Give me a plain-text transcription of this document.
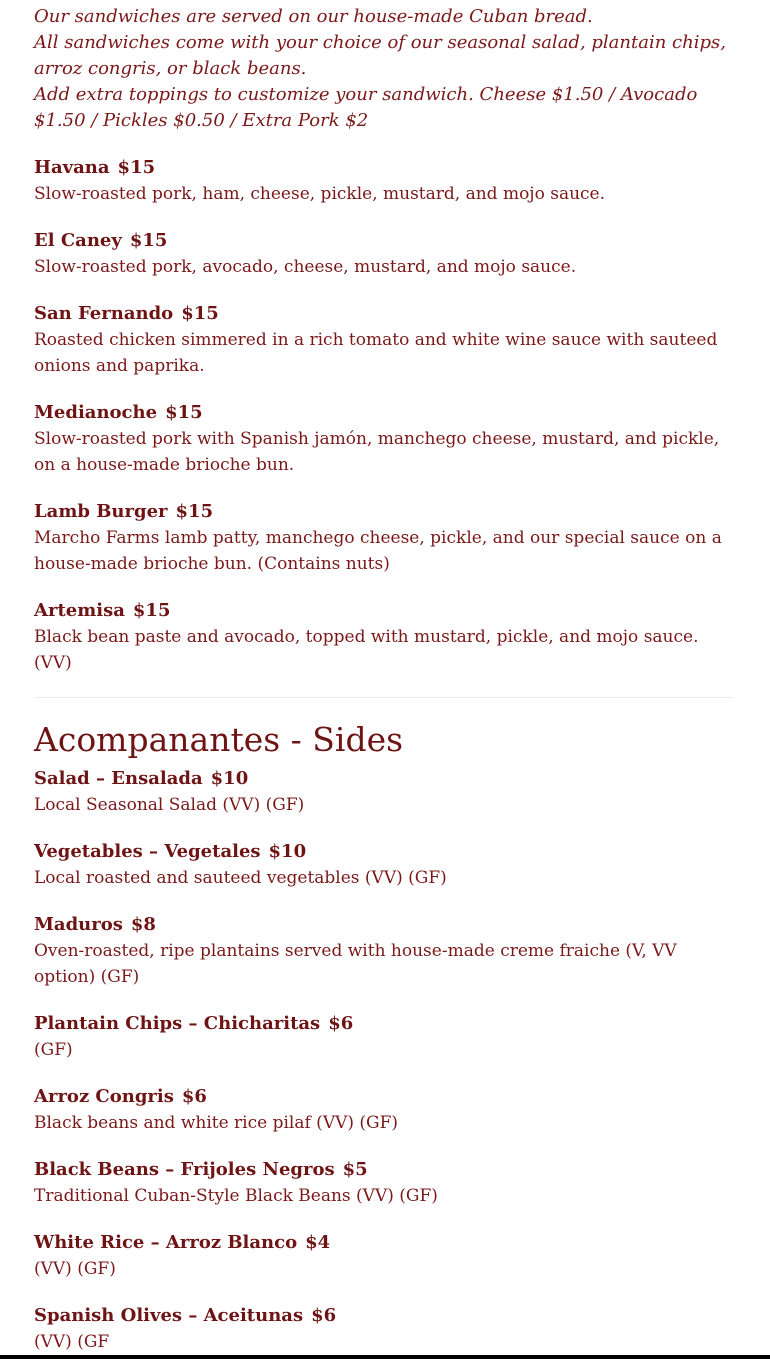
Our sandwiches are served on our house-made Cuban bread.

All sandwiches come with your choice of our seasonal salad, plantain chips, arroz congris, or black beans.

Add extra toppings to customize your sandwich. Cheese $1.50 / Avocado $1.50 / Pickles $0.50 / Extra Pork $2

Havana $15

Slow-roasted pork, ham, cheese, pickle, mustard, and mojo sauce.

El Caney $15

Slow-roasted pork, avocado, cheese, mustard, and mojo sauce.

San Fernando $15

Roasted chicken simmered in a rich tomato and white wine sauce with sauteed onions and paprika.

Medianoche $15

Slow-roasted pork with Spanish jamón, manchego cheese, mustard, and pickle, on a house-made brioche bun.

Lamb Burger $15

Marcho Farms lamb patty, manchego cheese, pickle, and our special sauce on a house-made brioche bun. (Contains nuts)

Artemisa $15

Black bean paste and avocado, topped with mustard, pickle, and mojo sauce. (VV)

Acompanantes - Sides
Salad – Ensalada $10

Local Seasonal Salad (VV) (GF)

Vegetables – Vegetales $10

Local roasted and sauteed vegetables (VV) (GF)

Maduros $8

Oven-roasted, ripe plantains served with house-made creme fraiche (V, VV option) (GF)

Plantain Chips – Chicharitas $6

(GF)

Arroz Congris $6

Black beans and white rice pilaf (VV) (GF)

Black Beans – Frijoles Negros $5

Traditional Cuban-Style Black Beans (VV) (GF)

White Rice – Arroz Blanco $4

(VV) (GF)

Spanish Olives – Aceitunas $6

(VV) (GF
